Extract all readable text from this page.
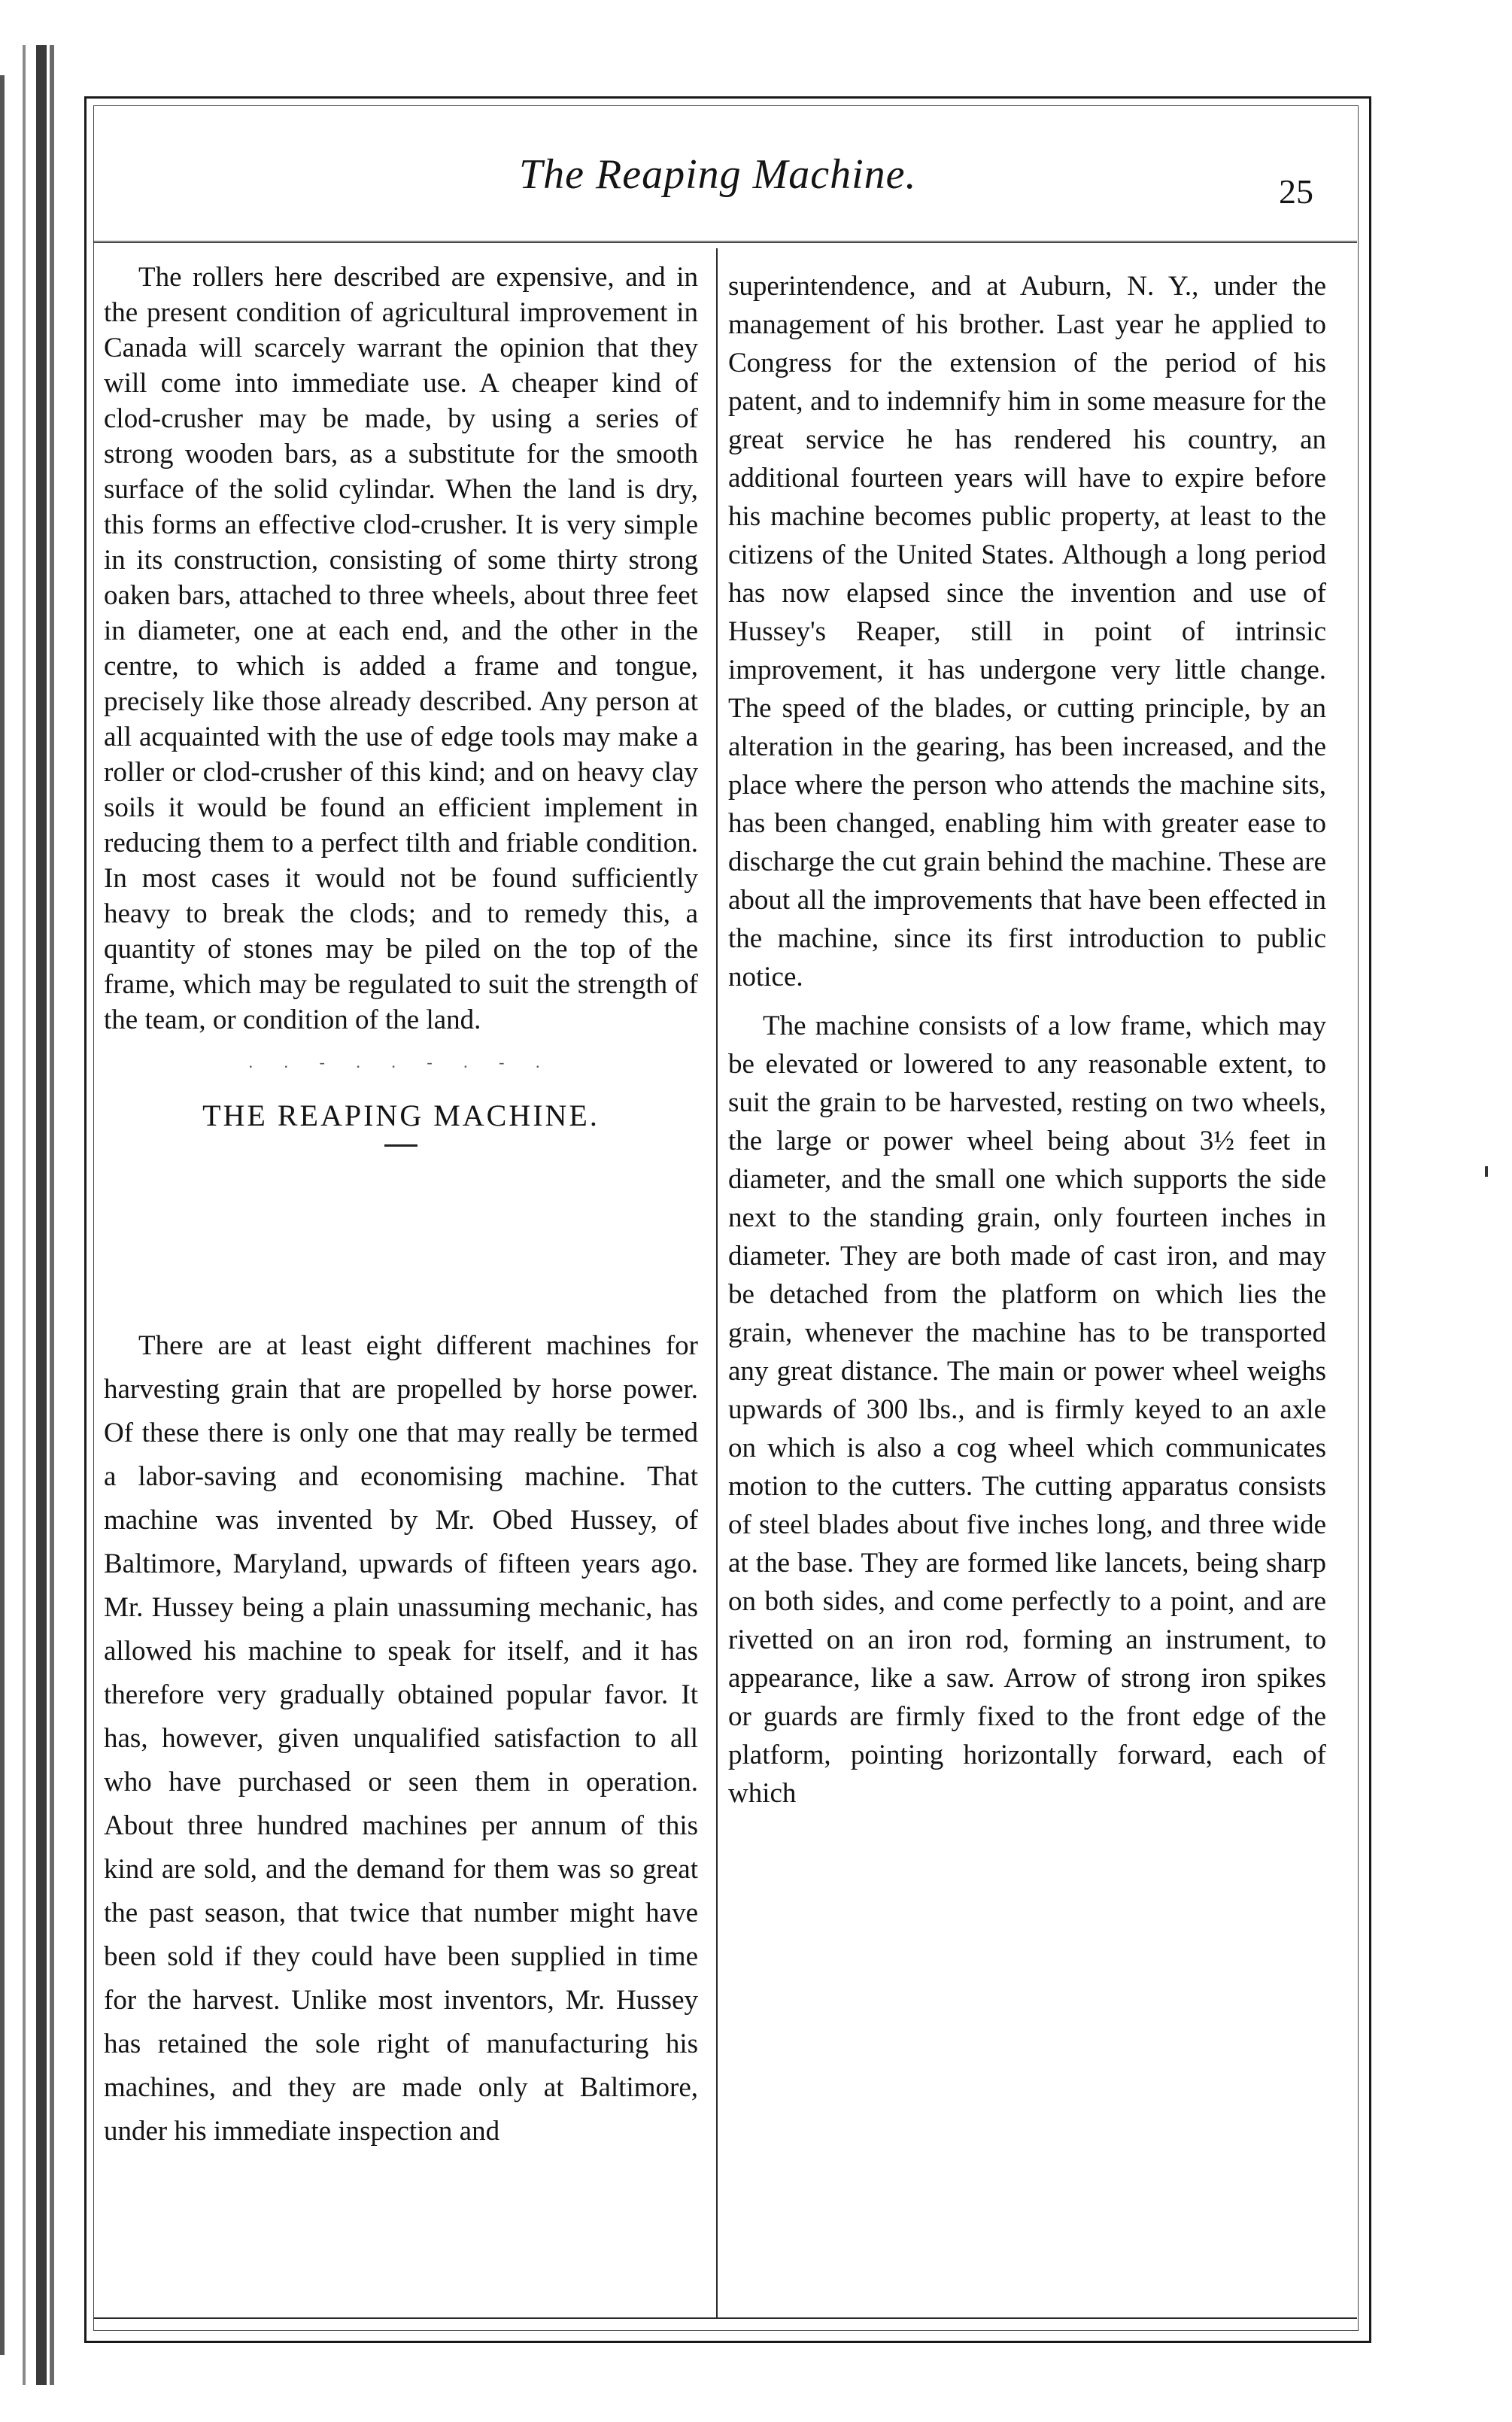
The Reaping Machine.	25

The rollers here described are expensive, and in the present condition of agricultural improvement in Canada will scarcely warrant the opinion that they will come into immediate use. A cheaper kind of clod-crusher may be made, by using a series of strong wooden bars, as a substitute for the smooth surface of the solid cylindar. When the land is dry, this forms an effective clod-crusher. It is very simple in its construction, consisting of some thirty strong oaken bars, attached to three wheels, about three feet in diameter, one at each end, and the other in the centre, to which is added a frame and tongue, precisely like those already described. Any person at all acquainted with the use of edge tools may make a roller or clod-crusher of this kind; and on heavy clay soils it would be found an efficient implement in reducing them to a perfect tilth and friable condition. In most cases it would not be found sufficiently heavy to break the clods; and to remedy this, a quantity of stones may be piled on the top of the frame, which may be regulated to suit the strength of the team, or condition of the land.

. . - . . - . - .
THE REAPING MACHINE.

There are at least eight different machines for harvesting grain that are propelled by horse power. Of these there is only one that may really be termed a labor-saving and economising machine. That machine was invented by Mr. Obed Hussey, of Baltimore, Maryland, upwards of fifteen years ago. Mr. Hussey being a plain unassuming mechanic, has allowed his machine to speak for itself, and it has therefore very gradually obtained popular favor. It has, however, given unqualified satisfaction to all who have purchased or seen them in operation. About three hundred machines per annum of this kind are sold, and the demand for them was so great the past season, that twice that number might have been sold if they could have been supplied in time for the harvest. Unlike most inventors, Mr. Hussey has retained the sole right of manufacturing his machines, and they are made only at Baltimore, under his immediate inspection and

superintendence, and at Auburn, N. Y., under the management of his brother. Last year he applied to Congress for the extension of the period of his patent, and to indemnify him in some measure for the great service he has rendered his country, an additional fourteen years will have to expire before his machine becomes public property, at least to the citizens of the United States. Although a long period has now elapsed since the invention and use of Hussey's Reaper, still in point of intrinsic improvement, it has undergone very little change. The speed of the blades, or cutting principle, by an alteration in the gearing, has been increased, and the place where the person who attends the machine sits, has been changed, enabling him with greater ease to discharge the cut grain behind the machine. These are about all the improvements that have been effected in the machine, since its first introduction to public notice.

The machine consists of a low frame, which may be elevated or lowered to any reasonable extent, to suit the grain to be harvested, resting on two wheels, the large or power wheel being about 3½ feet in diameter, and the small one which supports the side next to the standing grain, only fourteen inches in diameter. They are both made of cast iron, and may be detached from the platform on which lies the grain, whenever the machine has to be transported any great distance. The main or power wheel weighs upwards of 300 lbs., and is firmly keyed to an axle on which is also a cog wheel which communicates motion to the cutters. The cutting apparatus consists of steel blades about five inches long, and three wide at the base. They are formed like lancets, being sharp on both sides, and come perfectly to a point, and are rivetted on an iron rod, forming an instrument, to appearance, like a saw. Arrow of strong iron spikes or guards are firmly fixed to the front edge of the platform, pointing horizontally forward, each of which
